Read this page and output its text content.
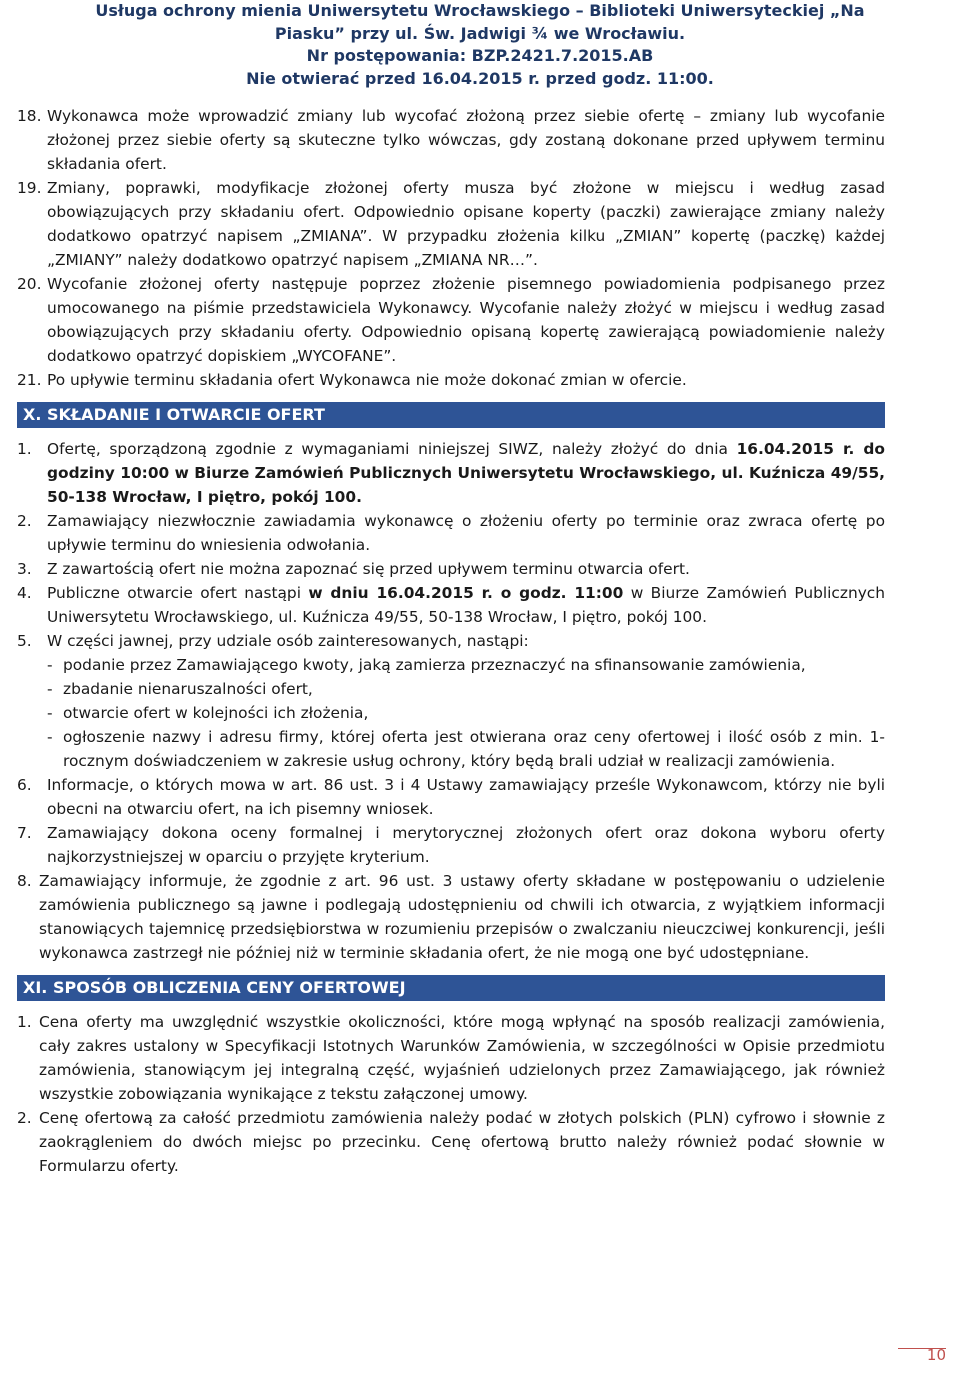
Usługa ochrony mienia Uniwersytetu Wrocławskiego – Biblioteki Uniwersyteckiej „Na
Piasku” przy ul. Św. Jadwigi ¾ we Wrocławiu.
Nr postępowania: BZP.2421.7.2015.AB
Nie otwierać przed 16.04.2015 r. przed godz. 11:00.
18. Wykonawca może wprowadzić zmiany lub wycofać złożoną przez siebie ofertę – zmiany lub wycofanie złożonej przez siebie oferty są skuteczne tylko wówczas, gdy zostaną dokonane przed upływem terminu składania ofert.
19. Zmiany, poprawki, modyfikacje złożonej oferty musza być złożone w miejscu i według zasad obowiązujących przy składaniu ofert. Odpowiednio opisane koperty (paczki) zawierające zmiany należy dodatkowo opatrzyć napisem „ZMIANA”. W przypadku złożenia kilku „ZMIAN” kopertę (paczkę) każdej „ZMIANY” należy dodatkowo opatrzyć napisem „ZMIANA NR…”.
20. Wycofanie złożonej oferty następuje poprzez złożenie pisemnego powiadomienia podpisanego przez umocowanego na piśmie przedstawiciela Wykonawcy. Wycofanie należy złożyć w miejscu i według zasad obowiązujących przy składaniu oferty. Odpowiednio opisaną kopertę zawierającą powiadomienie należy dodatkowo opatrzyć dopiskiem „WYCOFANE”.
21. Po upływie terminu składania ofert Wykonawca nie może dokonać zmian w ofercie.
X. SKŁADANIE I OTWARCIE OFERT
1. Ofertę, sporządzoną zgodnie z wymaganiami niniejszej SIWZ, należy złożyć do dnia 16.04.2015 r. do godziny 10:00 w Biurze Zamówień Publicznych Uniwersytetu Wrocławskiego, ul. Kuźnicza 49/55, 50-138 Wrocław, I piętro, pokój 100.
2. Zamawiający niezwłocznie zawiadamia wykonawcę o złożeniu oferty po terminie oraz zwraca ofertę po upływie terminu do wniesienia odwołania.
3. Z zawartością ofert nie można zapoznać się przed upływem terminu otwarcia ofert.
4. Publiczne otwarcie ofert nastąpi w dniu 16.04.2015 r. o godz. 11:00 w Biurze Zamówień Publicznych Uniwersytetu Wrocławskiego, ul. Kuźnicza 49/55, 50-138 Wrocław, I piętro, pokój 100.
5. W części jawnej, przy udziale osób zainteresowanych, nastąpi:
- podanie przez Zamawiającego kwoty, jaką zamierza przeznaczyć na sfinansowanie zamówienia,
- zbadanie nienaruszalności ofert,
- otwarcie ofert w kolejności ich złożenia,
- ogłoszenie nazwy i adresu firmy, której oferta jest otwierana oraz ceny ofertowej i ilość osób z min. 1-rocznym doświadczeniem w zakresie usług ochrony, który będą brali udział w realizacji zamówienia.
6. Informacje, o których mowa w art. 86 ust. 3 i 4 Ustawy zamawiający prześle Wykonawcom, którzy nie byli obecni na otwarciu ofert, na ich pisemny wniosek.
7. Zamawiający dokona oceny formalnej i merytorycznej złożonych ofert oraz dokona wyboru oferty najkorzystniejszej w oparciu o przyjęte kryterium.
8. Zamawiający informuje, że zgodnie z art. 96 ust. 3 ustawy oferty składane w postępowaniu o udzielenie zamówienia publicznego są jawne i podlegają udostępnieniu od chwili ich otwarcia, z wyjątkiem informacji stanowiących tajemnicę przedsiębiorstwa w rozumieniu przepisów o zwalczaniu nieuczciwej konkurencji, jeśli wykonawca zastrzegł nie później niż w terminie składania ofert, że nie mogą one być udostępniane.
XI. SPOSÓB OBLICZENIA CENY OFERTOWEJ
1. Cena oferty ma uwzględnić wszystkie okoliczności, które mogą wpłynąć na sposób realizacji zamówienia, cały zakres ustalony w Specyfikacji Istotnych Warunków Zamówienia, w szczególności w Opisie przedmiotu zamówienia, stanowiącym jej integralną część, wyjaśnień udzielonych przez Zamawiającego, jak również wszystkie zobowiązania wynikające z tekstu załączonej umowy.
2. Cenę ofertową za całość przedmiotu zamówienia należy podać w złotych polskich (PLN) cyfrowo i słownie z zaokrągleniem do dwóch miejsc po przecinku. Cenę ofertową brutto należy również podać słownie w Formularzu oferty.
10
